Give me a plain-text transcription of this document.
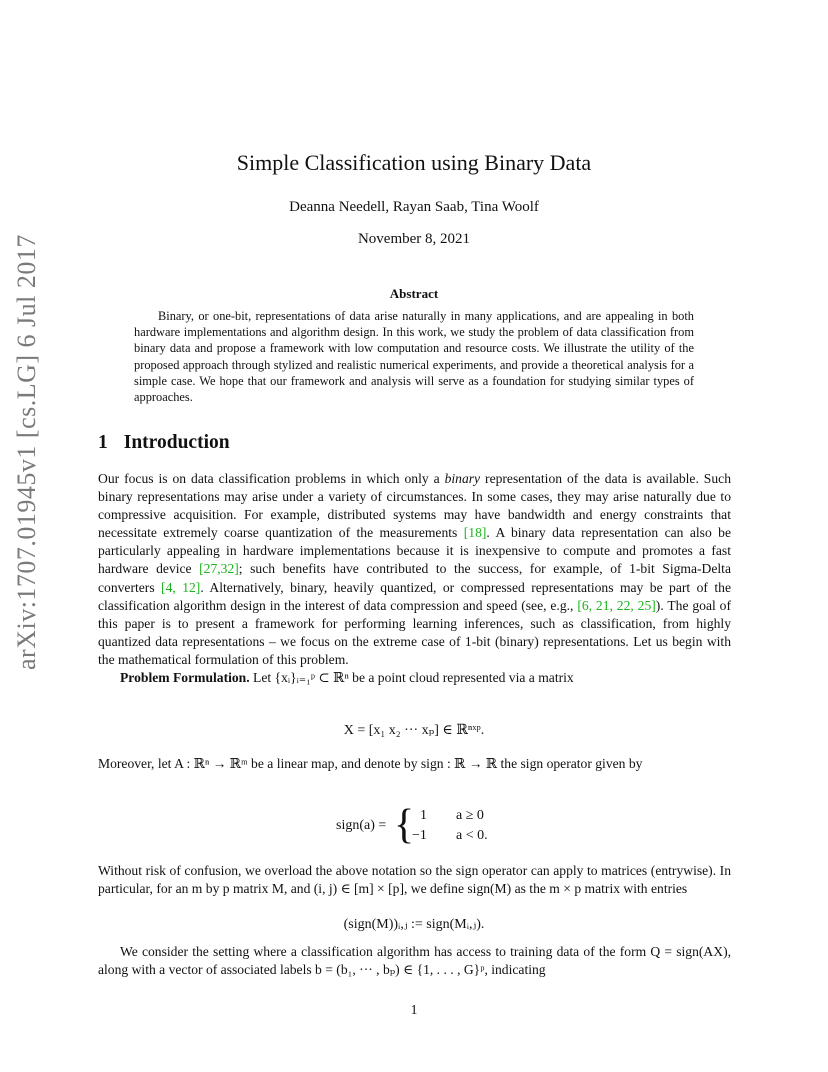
arXiv:1707.01945v1 [cs.LG] 6 Jul 2017
Simple Classification using Binary Data
Deanna Needell, Rayan Saab, Tina Woolf
November 8, 2021
Abstract

Binary, or one-bit, representations of data arise naturally in many applications, and are appealing in both hardware implementations and algorithm design. In this work, we study the problem of data classification from binary data and propose a framework with low computation and resource costs. We illustrate the utility of the proposed approach through stylized and realistic numerical experiments, and provide a theoretical analysis for a simple case. We hope that our framework and analysis will serve as a foundation for studying similar types of approaches.

1 Introduction

Our focus is on data classification problems in which only a binary representation of the data is available. Such binary representations may arise under a variety of circumstances. In some cases, they may arise naturally due to compressive acquisition. For example, distributed systems may have bandwidth and energy constraints that necessitate extremely coarse quantization of the measurements [18]. A binary data representation can also be particularly appealing in hardware implementations because it is inexpensive to compute and promotes a fast hardware device [27,32]; such benefits have contributed to the success, for example, of 1-bit Sigma-Delta converters [4, 12]. Alternatively, binary, heavily quantized, or compressed representations may be part of the classification algorithm design in the interest of data compression and speed (see, e.g., [6, 21, 22, 25]). The goal of this paper is to present a framework for performing learning inferences, such as classification, from highly quantized data representations – we focus on the extreme case of 1-bit (binary) representations. Let us begin with the mathematical formulation of this problem.

Problem Formulation. Let {xᵢ}ᵢ₌₁ᵖ ⊂ ℝⁿ be a point cloud represented via a matrix

X = [x₁ x₂ ··· xₚ] ∈ ℝⁿˣᵖ.

Moreover, let A : ℝⁿ → ℝᵐ be a linear map, and denote by sign : ℝ → ℝ the sign operator given by

sign(a) = { 1 a ≥ 0
−1 a < 0.

Without risk of confusion, we overload the above notation so the sign operator can apply to matrices (entrywise). In particular, for an m by p matrix M, and (i, j) ∈ [m] × [p], we define sign(M) as the m × p matrix with entries

(sign(M))ᵢ,ⱼ := sign(Mᵢ,ⱼ).

We consider the setting where a classification algorithm has access to training data of the form Q = sign(AX), along with a vector of associated labels b = (b₁, ··· , bₚ) ∈ {1, . . . , G}ᵖ, indicating

1
